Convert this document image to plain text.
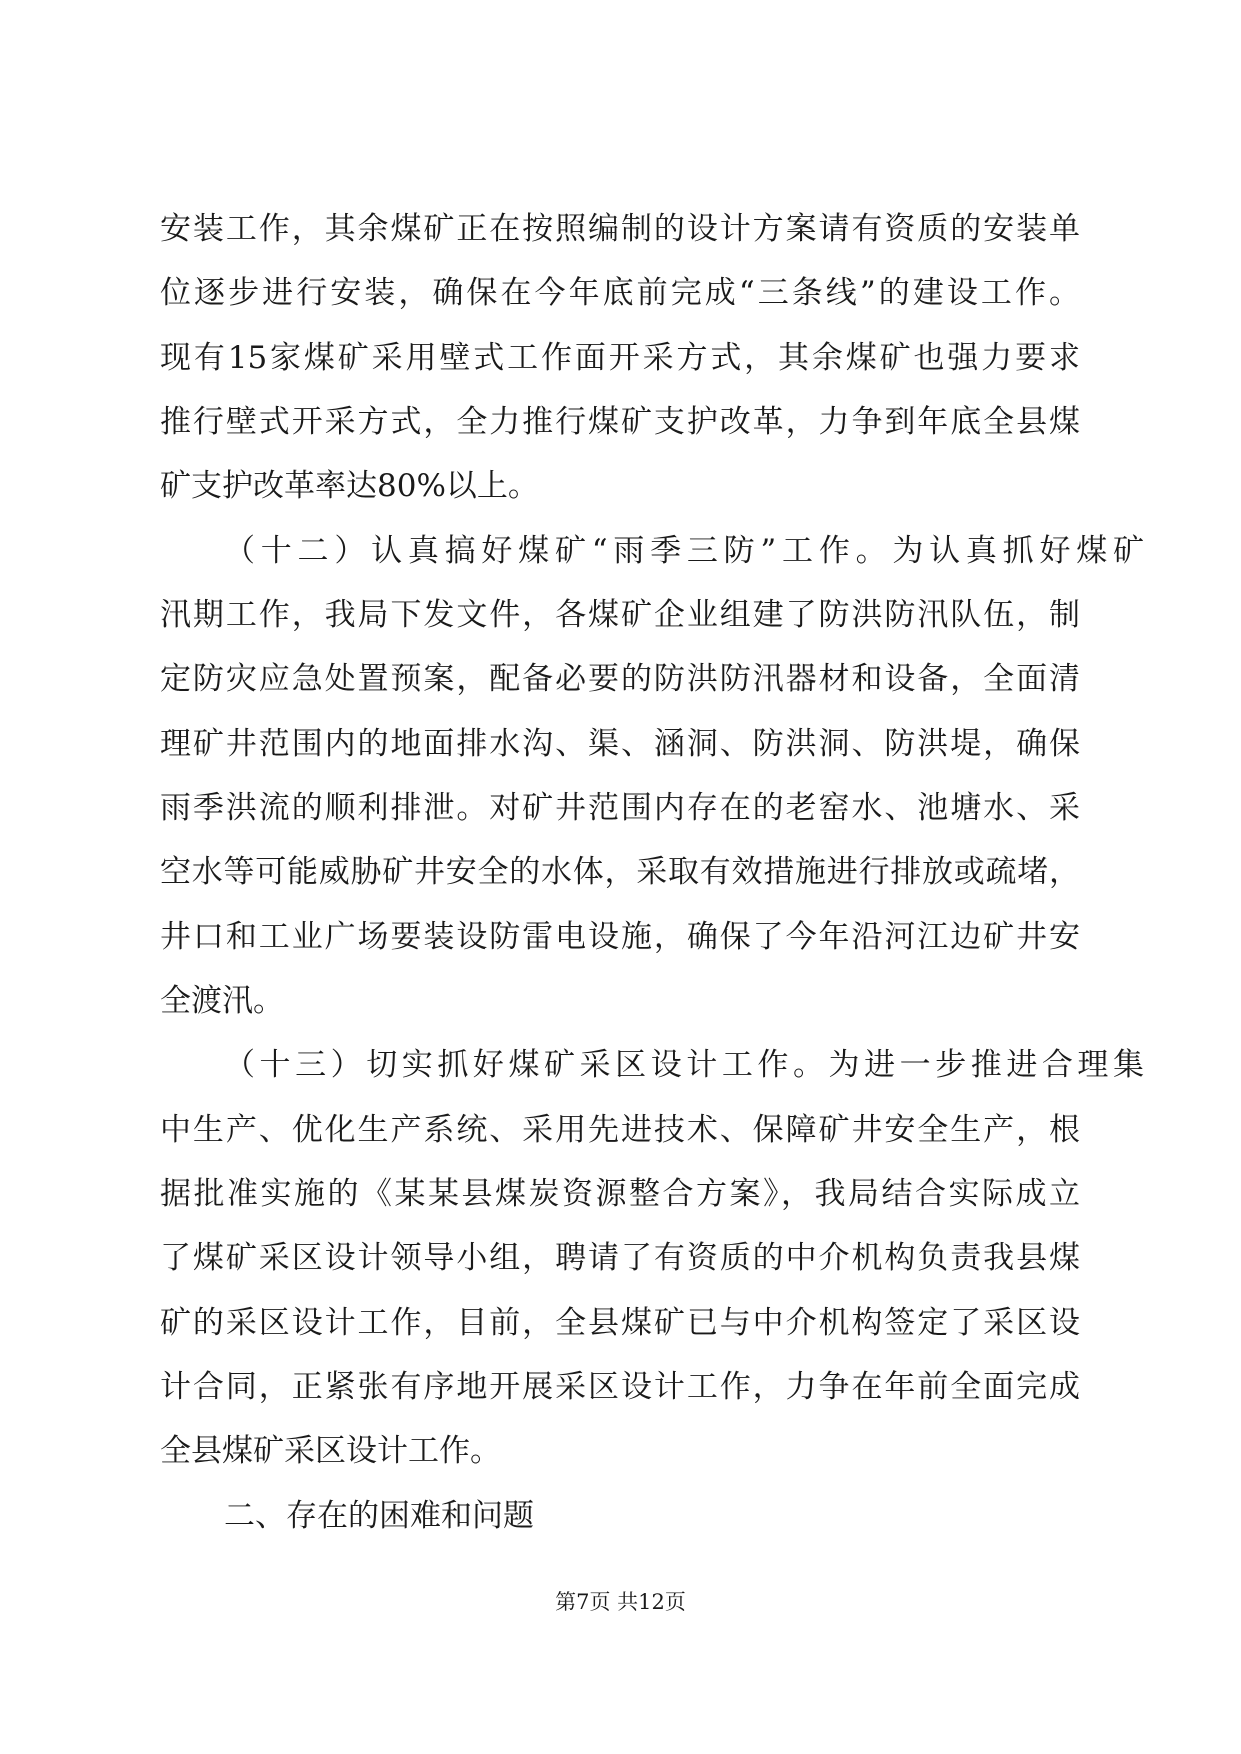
安装工作，其余煤矿正在按照编制的设计方案请有资质的安装单
位逐步进行安装，确保在今年底前完成“三条线”的建设工作。
现有15家煤矿采用壁式工作面开采方式，其余煤矿也强力要求
推行壁式开采方式，全力推行煤矿支护改革，力争到年底全县煤
矿支护改革率达80%以上。
（十二）认真搞好煤矿“雨季三防”工作。为认真抓好煤矿
汛期工作，我局下发文件，各煤矿企业组建了防洪防汛队伍，制
定防灾应急处置预案，配备必要的防洪防汛器材和设备，全面清
理矿井范围内的地面排水沟、渠、涵洞、防洪洞、防洪堤，确保
雨季洪流的顺利排泄。对矿井范围内存在的老窑水、池塘水、采
空水等可能威胁矿井安全的水体，采取有效措施进行排放或疏堵，
井口和工业广场要装设防雷电设施，确保了今年沿河江边矿井安
全渡汛。
（十三）切实抓好煤矿采区设计工作。为进一步推进合理集
中生产、优化生产系统、采用先进技术、保障矿井安全生产，根
据批准实施的《某某县煤炭资源整合方案》，我局结合实际成立
了煤矿采区设计领导小组，聘请了有资质的中介机构负责我县煤
矿的采区设计工作，目前，全县煤矿已与中介机构签定了采区设
计合同，正紧张有序地开展采区设计工作，力争在年前全面完成
全县煤矿采区设计工作。
二、存在的困难和问题
第7页 共12页
